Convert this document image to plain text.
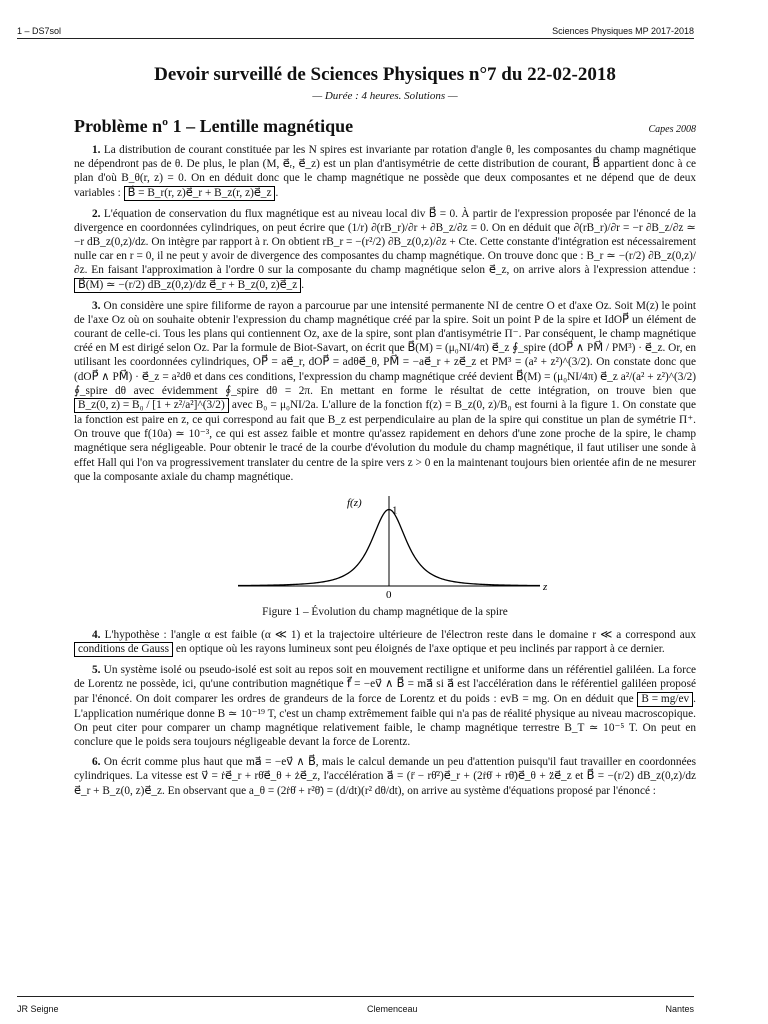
1 – DS7sol	Sciences Physiques MP 2017-2018
Devoir surveillé de Sciences Physiques n°7 du 22-02-2018

— Durée : 4 heures. Solutions —

Problème nº 1 – Lentille magnétique	Capes 2008

1. La distribution de courant constituée par les N spires est invariante par rotation d'angle θ, les composantes du champ magnétique ne dépendront pas de θ. De plus, le plan (M, e⃗ᵣ, e⃗_z) est un plan d'antisymétrie de cette distribution de courant, B⃗ appartient donc à ce plan d'où B_θ(r, z) = 0. On en déduit donc que le champ magnétique ne possède que deux composantes et ne dépend que de deux variables : B⃗ = B_r(r, z)e⃗_r + B_z(r, z)e⃗_z .

2. L'équation de conservation du flux magnétique est au niveau local div B⃗ = 0. À partir de l'expression proposée par l'énoncé de la divergence en coordonnées cylindriques, on peut écrire que (1/r) ∂(rB_r)/∂r + ∂B_z/∂z = 0. On en déduit que ∂(rB_r)/∂r = −r ∂B_z/∂z ≃ −r dB_z(0,z)/dz. On intègre par rapport à r. On obtient rB_r = −(r²/2) ∂B_z(0,z)/∂z + Cte. Cette constante d'intégration est nécessairement nulle car en r = 0, il ne peut y avoir de divergence des composantes du champ magnétique. On trouve donc que : B_r ≃ −(r/2) ∂B_z(0,z)/∂z. En faisant l'approximation à l'ordre 0 sur la composante du champ magnétique selon e⃗_z, on arrive alors à l'expression attendue : B⃗(M) ≃ −(r/2) dB_z(0,z)/dz e⃗_r + B_z(0, z)e⃗_z .

3. On considère une spire filiforme de rayon a parcourue par une intensité permanente NI de centre O et d'axe Oz. Soit M(z) le point de l'axe Oz où on souhaite obtenir l'expression du champ magnétique créé par la spire. Soit un point P de la spire et IdOP⃗ un élément de courant de celle-ci. Tous les plans qui contiennent Oz, axe de la spire, sont plan d'antisymétrie Π⁻. Par conséquent, le champ magnétique créé en M est dirigé selon Oz. Par la formule de Biot-Savart, on écrit que B⃗(M) = (μ₀NI/4π) e⃗_z ∮_spire (dOP⃗ ∧ PM⃗ / PM³) · e⃗_z. Or, en utilisant les coordonnées cylindriques, OP⃗ = ae⃗_r, dOP⃗ = adθe⃗_θ, PM⃗ = −ae⃗_r + ze⃗_z et PM³ = (a² + z²)^(3/2). On constate donc que (dOP⃗ ∧ PM⃗) · e⃗_z = a²dθ et dans ces conditions, l'expression du champ magnétique créé devient B⃗(M) = (μ₀NI/4π) e⃗_z a²/(a² + z²)^(3/2) ∮_spire dθ avec évidemment ∮_spire dθ = 2π. En mettant en forme le résultat de cette intégration, on trouve bien que B_z(0, z) = B₀ / [1 + z²/a²]^(3/2) avec B₀ = μ₀NI/2a. L'allure de la fonction f(z) = B_z(0, z)/B₀ est fourni à la figure 1. On constate que la fonction est paire en z, ce qui correspond au fait que B_z est perpendiculaire au plan de la spire qui constitue un plan de symétrie Π⁺. On trouve que f(10a) ≃ 10⁻³, ce qui est assez faible et montre qu'assez rapidement en dehors d'une zone proche de la spire, le champ magnétique sera négligeable. Pour obtenir le tracé de la courbe d'évolution du module du champ magnétique, il faut utiliser une sonde à effet Hall qui l'on va progressivement translater du centre de la spire vers z > 0 en la maintenant toujours bien orientée afin de ne mesurer que la composante axiale du champ magnétique.

f(z)
z
1
0
Figure 1 – Évolution du champ magnétique de la spire

4. L'hypothèse : l'angle α est faible (α ≪ 1) et la trajectoire ultérieure de l'électron reste dans le domaine r ≪ a correspond aux conditions de Gauss en optique où les rayons lumineux sont peu éloignés de l'axe optique et peu inclinés par rapport à ce dernier.

5. Un système isolé ou pseudo-isolé est soit au repos soit en mouvement rectiligne et uniforme dans un référentiel galiléen. La force de Lorentz ne possède, ici, qu'une contribution magnétique f⃗ = −ev⃗ ∧ B⃗ = ma⃗ si a⃗ est l'accélération dans le référentiel galiléen proposé par l'énoncé. On doit comparer les ordres de grandeurs de la force de Lorentz et du poids : evB = mg. On en déduit que B = mg/ev . L'application numérique donne B ≃ 10⁻¹⁹ T, c'est un champ extrêmement faible qui n'a pas de réalité physique au niveau macroscopique. On peut citer pour comparer un champ magnétique relativement faible, le champ magnétique terrestre B_T ≃ 10⁻⁵ T. On peut en conclure que le poids sera toujours négligeable devant la force de Lorentz.

6. On écrit comme plus haut que ma⃗ = −ev⃗ ∧ B⃗, mais le calcul demande un peu d'attention puisqu'il faut travailler en coordonnées cylindriques. La vitesse est v⃗ = ṙe⃗_r + rθ̇e⃗_θ + że⃗_z, l'accélération a⃗ = (r̈ − rθ̇²)e⃗_r + (2ṙθ̇ + rθ̈)e⃗_θ + z̈e⃗_z et B⃗ = −(r/2) dB_z(0,z)/dz e⃗_r + B_z(0, z)e⃗_z. En observant que a_θ = (2ṙθ̇ + r²θ̈) = (d/dt)(r² dθ/dt), on arrive au système d'équations proposé par l'énoncé :

JR Seigne	Clemenceau	Nantes
